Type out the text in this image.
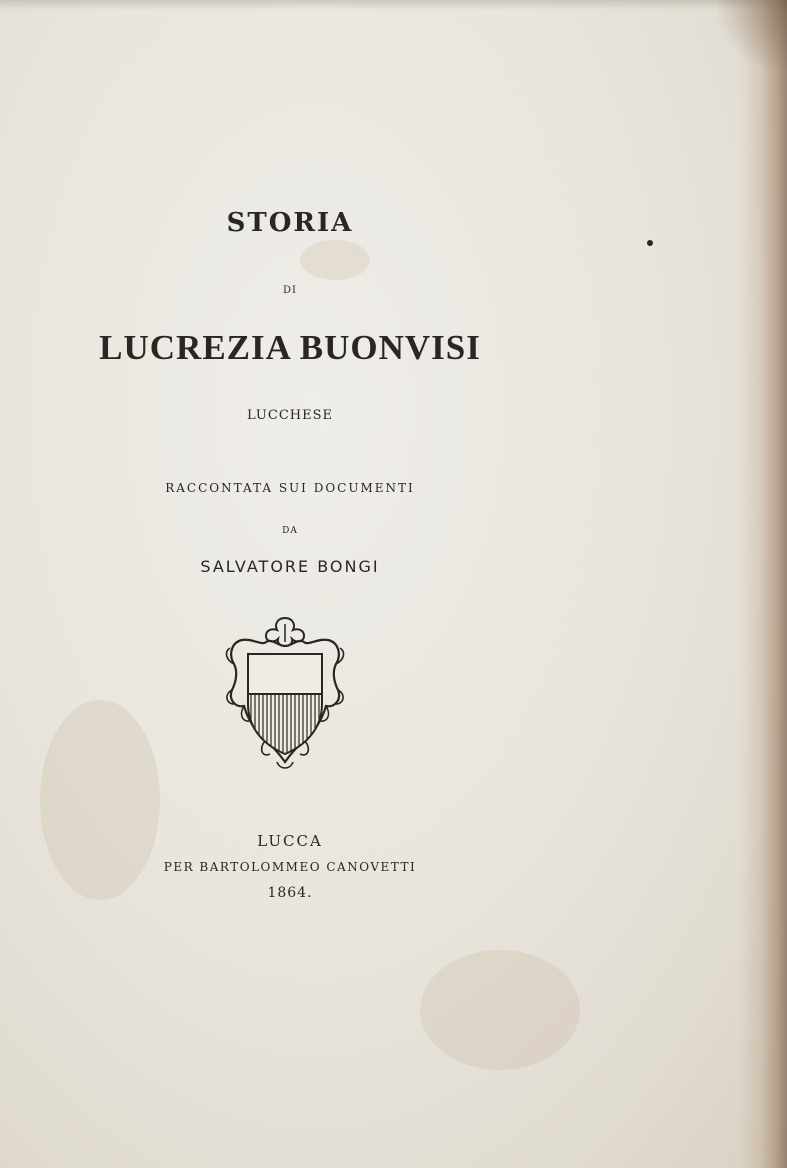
STORIA
DI
LUCREZIA BUONVISI
LUCCHESE
RACCONTATA SUI DOCUMENTI
DA
SALVATORE BONGI
LUCCA
PER BARTOLOMMEO CANOVETTI
1864.
